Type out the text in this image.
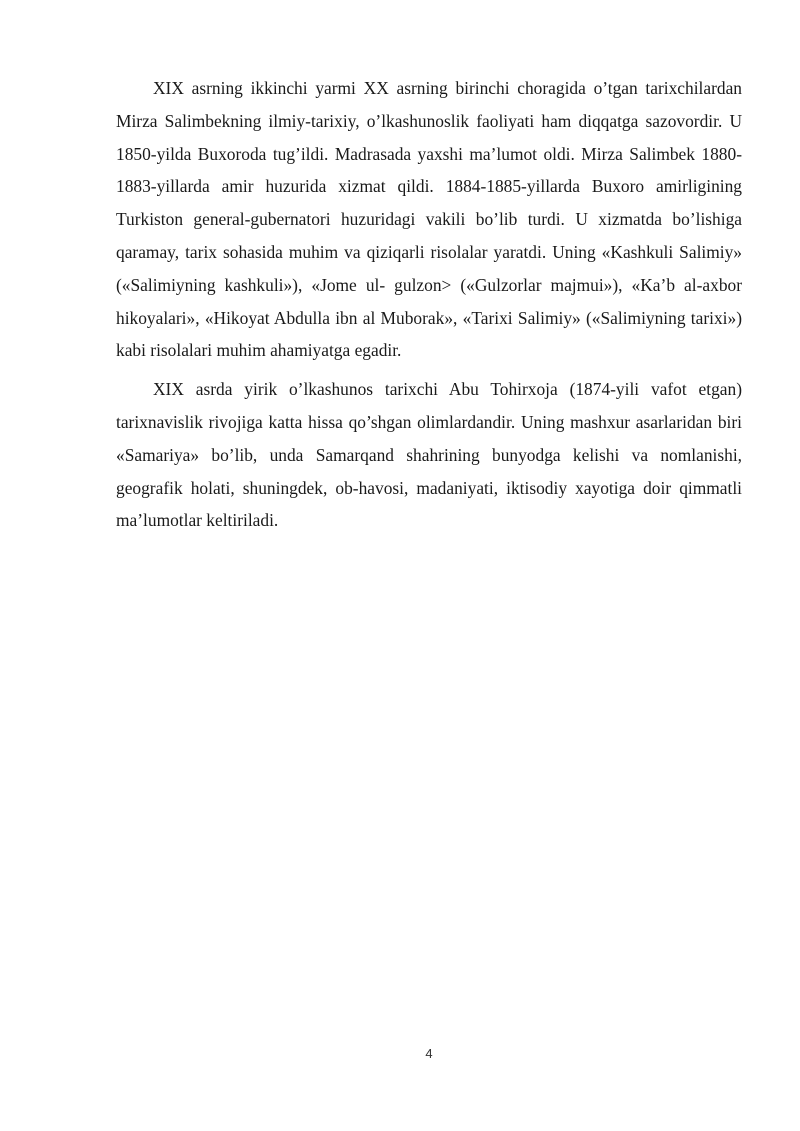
XIX asrning ikkinchi yarmi XX asrning birinchi choragida o’tgan tarixchilardan Mirza Salimbekning ilmiy-tarixiy, o’lkashunoslik faoliyati ham diqqatga sazovordir. U 1850-yilda Buxoroda tug’ildi. Madrasada yaxshi ma’lumot oldi. Mirza Salimbek 1880-1883-yillarda amir huzurida xizmat qildi. 1884-1885-yillarda Buxoro amirligining Turkiston general-gubernatori huzuridagi vakili bo’lib turdi. U xizmatda bo’lishiga qaramay, tarix sohasida muhim va qiziqarli risolalar yaratdi. Uning «Kashkuli Salimiy» («Salimiyning kashkuli»), «Jome ul- gulzon> («Gulzorlar majmui»), «Ka’b al-axbor hikoyalari», «Hikoyat Abdulla ibn al Muborak», «Tarixi Salimiy» («Salimiyning tarixi») kabi risolalari muhim ahamiyatga egadir.

XIX asrda yirik o’lkashunos tarixchi Abu Tohirxoja (1874-yili vafot etgan) tarixnavislik rivojiga katta hissa qo’shgan olimlardandir. Uning mashxur asarlaridan biri «Samariya» bo’lib, unda Samarqand shahrining bunyodga kelishi va nomlanishi, geografik holati, shuningdek, ob-havosi, madaniyati, iktisodiy xayotiga doir qimmatli ma’lumotlar keltiriladi.

4
